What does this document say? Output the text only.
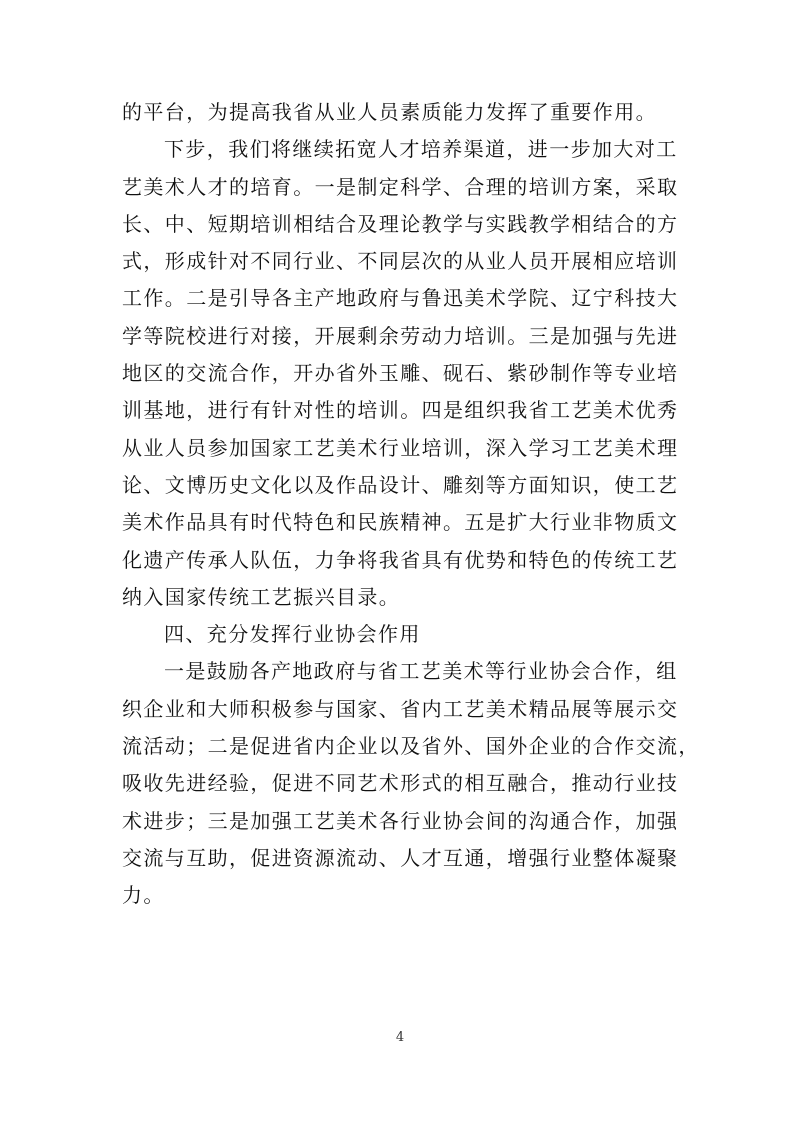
的平台，为提高我省从业人员素质能力发挥了重要作用。
下步，我们将继续拓宽人才培养渠道，进一步加大对工
艺美术人才的培育。一是制定科学、合理的培训方案，采取
长、中、短期培训相结合及理论教学与实践教学相结合的方
式，形成针对不同行业、不同层次的从业人员开展相应培训
工作。二是引导各主产地政府与鲁迅美术学院、辽宁科技大
学等院校进行对接，开展剩余劳动力培训。三是加强与先进
地区的交流合作，开办省外玉雕、砚石、紫砂制作等专业培
训基地，进行有针对性的培训。四是组织我省工艺美术优秀
从业人员参加国家工艺美术行业培训，深入学习工艺美术理
论、文博历史文化以及作品设计、雕刻等方面知识，使工艺
美术作品具有时代特色和民族精神。五是扩大行业非物质文
化遗产传承人队伍，力争将我省具有优势和特色的传统工艺
纳入国家传统工艺振兴目录。
四、充分发挥行业协会作用
一是鼓励各产地政府与省工艺美术等行业协会合作，组
织企业和大师积极参与国家、省内工艺美术精品展等展示交
流活动；二是促进省内企业以及省外、国外企业的合作交流，
吸收先进经验，促进不同艺术形式的相互融合，推动行业技
术进步；三是加强工艺美术各行业协会间的沟通合作，加强
交流与互助，促进资源流动、人才互通，增强行业整体凝聚
力。
4
